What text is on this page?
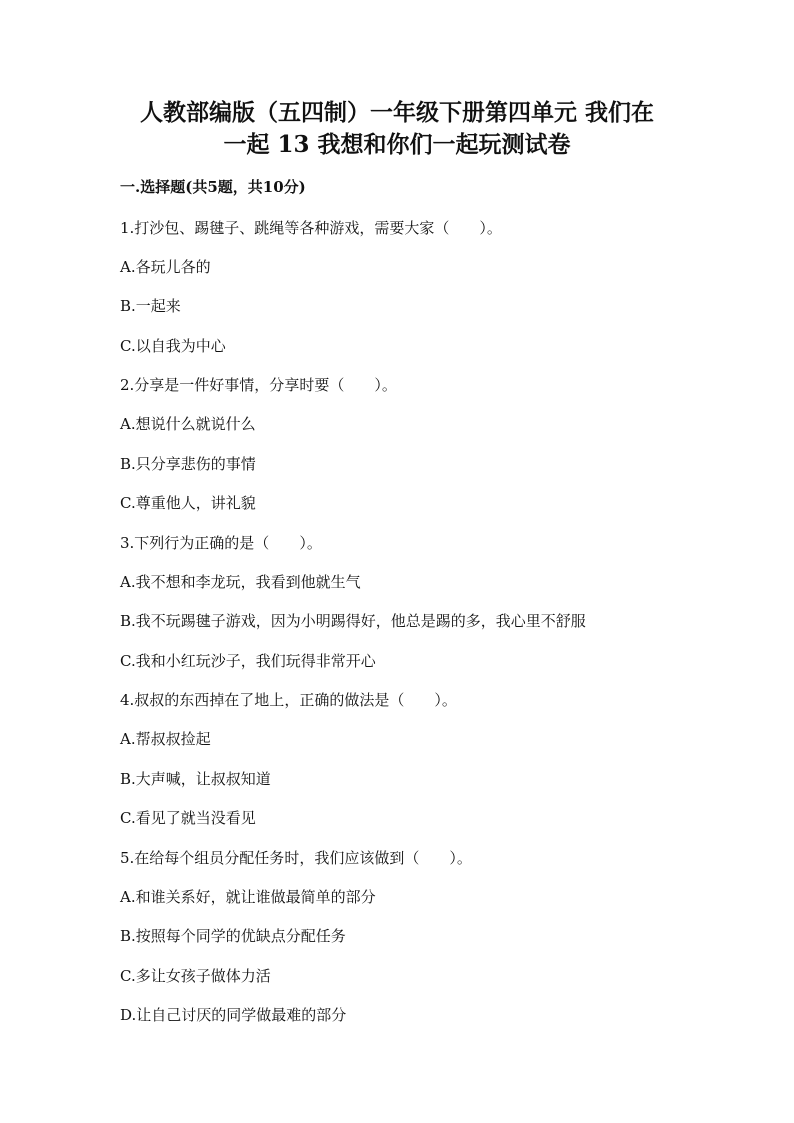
人教部编版（五四制）一年级下册第四单元 我们在
一起 13 我想和你们一起玩测试卷
一.选择题(共5题，共10分)
1.打沙包、踢毽子、跳绳等各种游戏，需要大家（　　）。
A.各玩儿各的
B.一起来
C.以自我为中心
2.分享是一件好事情，分享时要（　　）。
A.想说什么就说什么
B.只分享悲伤的事情
C.尊重他人，讲礼貌
3.下列行为正确的是（　　）。
A.我不想和李龙玩，我看到他就生气
B.我不玩踢毽子游戏，因为小明踢得好，他总是踢的多，我心里不舒服
C.我和小红玩沙子，我们玩得非常开心
4.叔叔的东西掉在了地上，正确的做法是（　　）。
A.帮叔叔捡起
B.大声喊，让叔叔知道
C.看见了就当没看见
5.在给每个组员分配任务时，我们应该做到（　　）。
A.和谁关系好，就让谁做最简单的部分
B.按照每个同学的优缺点分配任务
C.多让女孩子做体力活
D.让自己讨厌的同学做最难的部分
